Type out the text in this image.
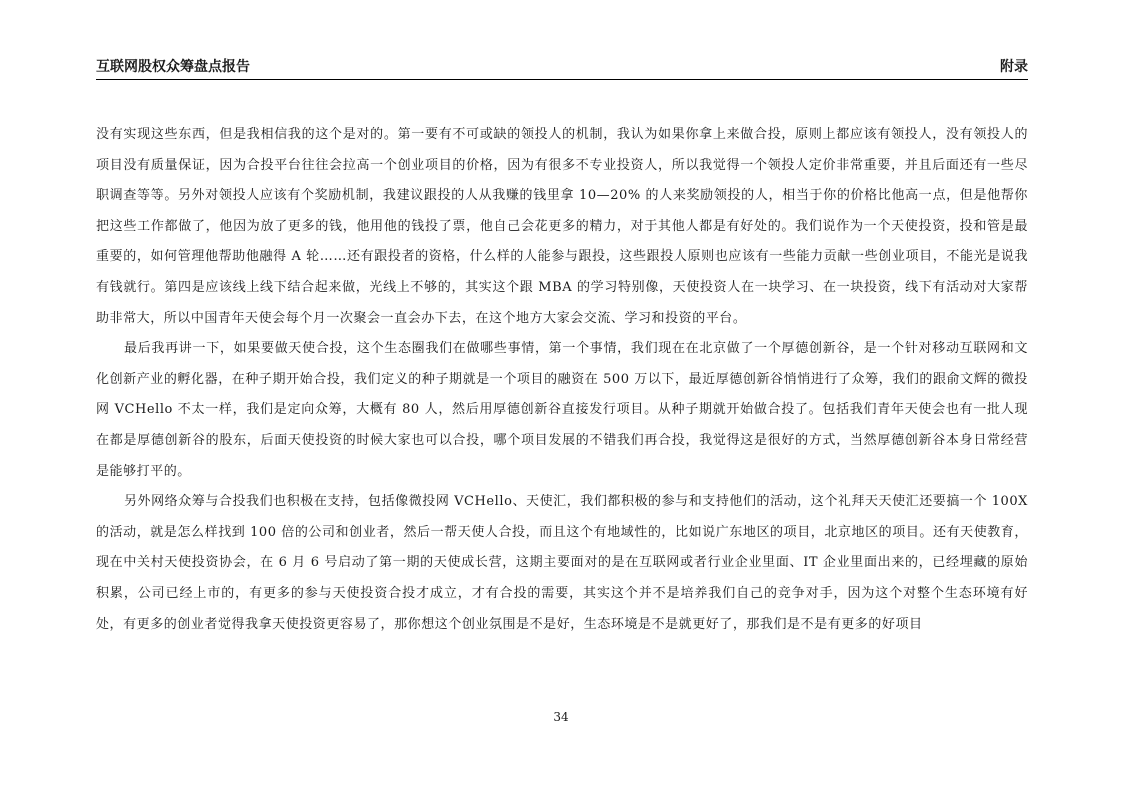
互联网股权众筹盘点报告	附录

没有实现这些东西，但是我相信我的这个是对的。第一要有不可或缺的领投人的机制，我认为如果你拿上来做合投，原则上都应该有领投人，没有领投人的项目没有质量保证，因为合投平台往往会拉高一个创业项目的价格，因为有很多不专业投资人，所以我觉得一个领投人定价非常重要，并且后面还有一些尽职调查等等。另外对领投人应该有个奖励机制，我建议跟投的人从我赚的钱里拿 10—20% 的人来奖励领投的人，相当于你的价格比他高一点，但是他帮你把这些工作都做了，他因为放了更多的钱，他用他的钱投了票，他自己会花更多的精力，对于其他人都是有好处的。我们说作为一个天使投资，投和管是最重要的，如何管理他帮助他融得 A 轮……还有跟投者的资格，什么样的人能参与跟投，这些跟投人原则也应该有一些能力贡献一些创业项目，不能光是说我有钱就行。第四是应该线上线下结合起来做，光线上不够的，其实这个跟 MBA 的学习特别像，天使投资人在一块学习、在一块投资，线下有活动对大家帮助非常大，所以中国青年天使会每个月一次聚会一直会办下去，在这个地方大家会交流、学习和投资的平台。

最后我再讲一下，如果要做天使合投，这个生态圈我们在做哪些事情，第一个事情，我们现在在北京做了一个厚德创新谷，是一个针对移动互联网和文化创新产业的孵化器，在种子期开始合投，我们定义的种子期就是一个项目的融资在 500 万以下，最近厚德创新谷悄悄进行了众筹，我们的跟俞文辉的微投网 VCHello 不太一样，我们是定向众筹，大概有 80 人，然后用厚德创新谷直接发行项目。从种子期就开始做合投了。包括我们青年天使会也有一批人现在都是厚德创新谷的股东，后面天使投资的时候大家也可以合投，哪个项目发展的不错我们再合投，我觉得这是很好的方式，当然厚德创新谷本身日常经营是能够打平的。

另外网络众筹与合投我们也积极在支持，包括像微投网 VCHello、天使汇，我们都积极的参与和支持他们的活动，这个礼拜天天使汇还要搞一个 100X 的活动，就是怎么样找到 100 倍的公司和创业者，然后一帮天使人合投，而且这个有地域性的，比如说广东地区的项目，北京地区的项目。还有天使教育，现在中关村天使投资协会，在 6 月 6 号启动了第一期的天使成长营，这期主要面对的是在互联网或者行业企业里面、IT 企业里面出来的，已经埋藏的原始积累，公司已经上市的，有更多的参与天使投资合投才成立，才有合投的需要，其实这个并不是培养我们自己的竞争对手，因为这个对整个生态环境有好处，有更多的创业者觉得我拿天使投资更容易了，那你想这个创业氛围是不是好，生态环境是不是就更好了，那我们是不是有更多的好项目

34
